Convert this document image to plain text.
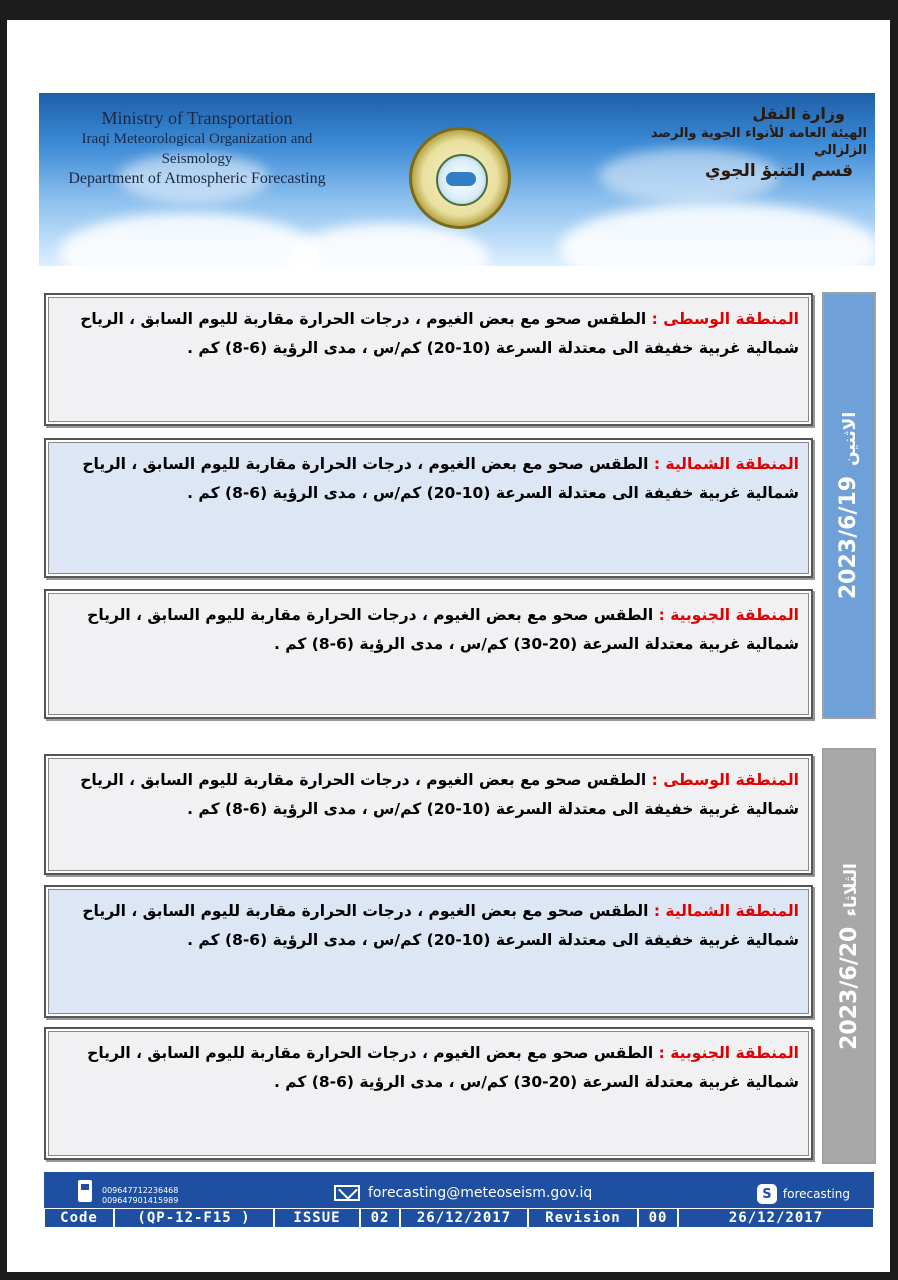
Ministry of Transportation
Iraqi Meteorological Organization and Seismology
Department of Atmospheric Forecasting
وزارة النقل
الهيئة العامة للأنواء الجوية والرصد الزلزالي
قسم التنبؤ الجوي
المنطقة الوسطى : الطقس صحو مع بعض الغيوم ، درجات الحرارة مقاربة لليوم السابق ، الرياح شمالية غربية خفيفة الى معتدلة السرعة (10-20) كم/س ، مدى الرؤية (6-8) كم .
المنطقة الشمالية : الطقس صحو مع بعض الغيوم ، درجات الحرارة مقاربة لليوم السابق ، الرياح شمالية غربية خفيفة الى معتدلة السرعة (10-20) كم/س ، مدى الرؤية (6-8) كم .
المنطقة الجنوبية : الطقس صحو مع بعض الغيوم ، درجات الحرارة مقاربة لليوم السابق ، الرياح شمالية غربية معتدلة السرعة (20-30) كم/س ، مدى الرؤية (6-8) كم .
2023/6/19الاثنين
المنطقة الوسطى : الطقس صحو مع بعض الغيوم ، درجات الحرارة مقاربة لليوم السابق ، الرياح شمالية غربية خفيفة الى معتدلة السرعة (10-20) كم/س ، مدى الرؤية (6-8) كم .
المنطقة الشمالية : الطقس صحو مع بعض الغيوم ، درجات الحرارة مقاربة لليوم السابق ، الرياح شمالية غربية خفيفة الى معتدلة السرعة (10-20) كم/س ، مدى الرؤية (6-8) كم .
المنطقة الجنوبية : الطقس صحو مع بعض الغيوم ، درجات الحرارة مقاربة لليوم السابق ، الرياح شمالية غربية معتدلة السرعة (20-30) كم/س ، مدى الرؤية (6-8) كم .
2023/6/20الثلاثاء
009647712236468
009647901415989	forecasting@meteoseism.gov.iq	S forecasting
Code	(QP-12-F15 )	ISSUE	02	26/12/2017	Revision	00	26/12/2017
